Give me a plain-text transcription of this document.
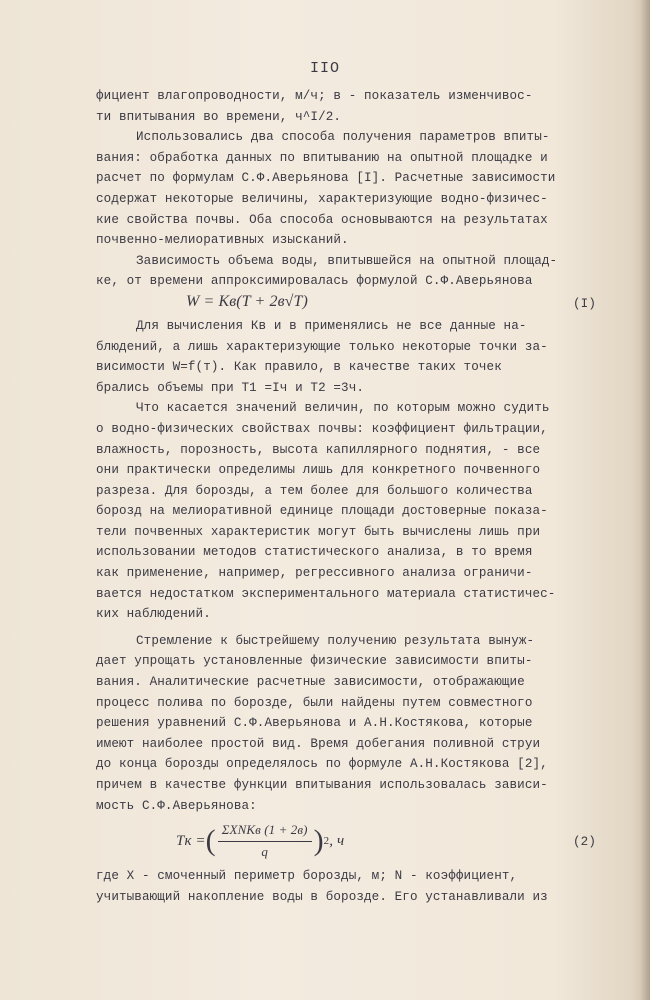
IIO
фициент влагопроводности, м/ч; в - показатель изменчивос-
ти впитывания во времени, ч^I/2.
Использовались два способа получения параметров впиты-
вания: обработка данных по впитыванию на опытной площадке и
расчет по формулам С.Ф.Аверьянова [I]. Расчетные зависимости
содержат некоторые величины, характеризующие водно-физичес-
кие свойства почвы. Оба способа основываются на результатах
почвенно-мелиоративных изысканий.
Зависимость объема воды, впитывшейся на опытной площад-
ке, от времени аппроксимировалась формулой С.Ф.Аверьянова
W = Кв(T + 2в√T)	(I)
Для вычисления Кв и в применялись не все данные на-
блюдений, а лишь характеризующие только некоторые точки за-
висимости W=f(т). Как правило, в качестве таких точек
брались объемы при T1 =Iч и T2 =3ч.
Что касается значений величин, по которым можно судить
о водно-физических свойствах почвы: коэффициент фильтрации,
влажность, порозность, высота капиллярного поднятия, - все
они практически определимы лишь для конкретного почвенного
разреза. Для борозды, а тем более для большого количества
борозд на мелиоративной единице площади достоверные показа-
тели почвенных характеристик могут быть вычислены лишь при
использовании методов статистического анализа, в то время
как применение, например, регрессивного анализа ограничи-
вается недостатком экспериментального материала статистичес-
ких наблюдений.
Стремление к быстрейшему получению результата вынуж-
дает упрощать установленные физические зависимости впиты-
вания. Аналитические расчетные зависимости, отображающие
процесс полива по борозде, были найдены путем совместного
решения уравнений С.Ф.Аверьянова и А.Н.Костякова, которые
имеют наиболее простой вид. Время добегания поливной струи
до конца борозды определялось по формуле А.Н.Костякова [2],
причем в качестве функции впитывания использовалась зависи-
мость С.Ф.Аверьянова:
Tк = ( $\frac{\text{ΣXNКв (1 + 2в)}}{q}$ ) 2 , ч	(2)
где X - смоченный периметр борозды, м; N - коэффициент,
учитывающий накопление воды в борозде. Его устанавливали из
